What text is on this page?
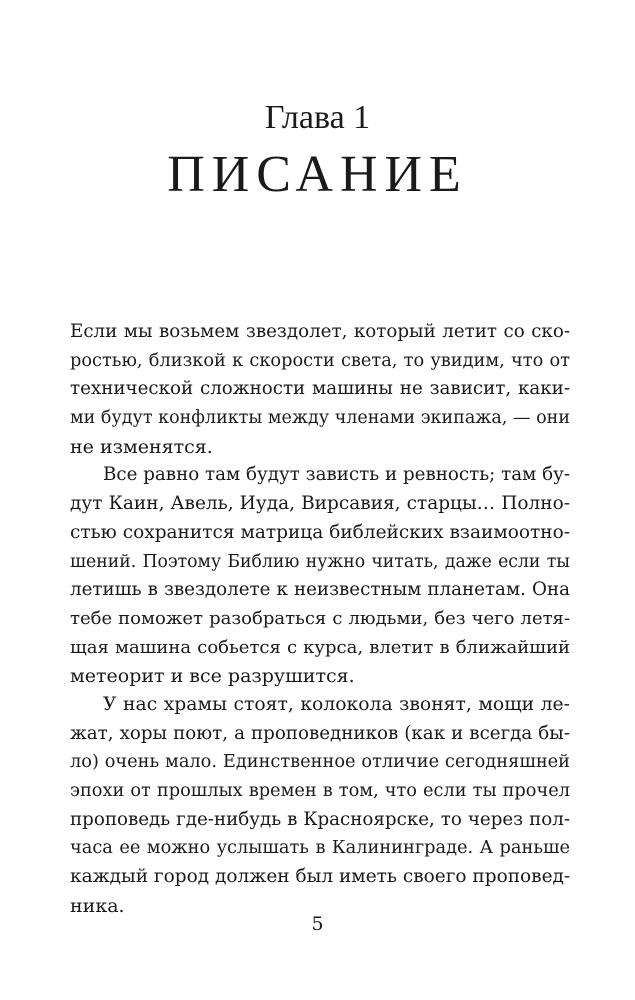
Глава 1
ПИСАНИЕ
Если мы возьмем звездолет, который летит со ско-
ростью, близкой к скорости света, то увидим, что от
технической сложности машины не зависит, каки-
ми будут конфликты между членами экипажа, — они
не изменятся.
Все равно там будут зависть и ревность; там бу-
дут Каин, Авель, Иуда, Вирсавия, старцы… Полно-
стью сохранится матрица библейских взаимоотно-
шений. Поэтому Библию нужно читать, даже если ты
летишь в звездолете к неизвестным планетам. Она
тебе поможет разобраться с людьми, без чего летя-
щая машина собьется с курса, влетит в ближайший
метеорит и все разрушится.
У нас храмы стоят, колокола звонят, мощи ле-
жат, хоры поют, а проповедников (как и всегда бы-
ло) очень мало. Единственное отличие сегодняшней
эпохи от прошлых времен в том, что если ты прочел
проповедь где-нибудь в Красноярске, то через пол-
часа ее можно услышать в Калининграде. А раньше
каждый город должен был иметь своего проповед-
ника.
5
